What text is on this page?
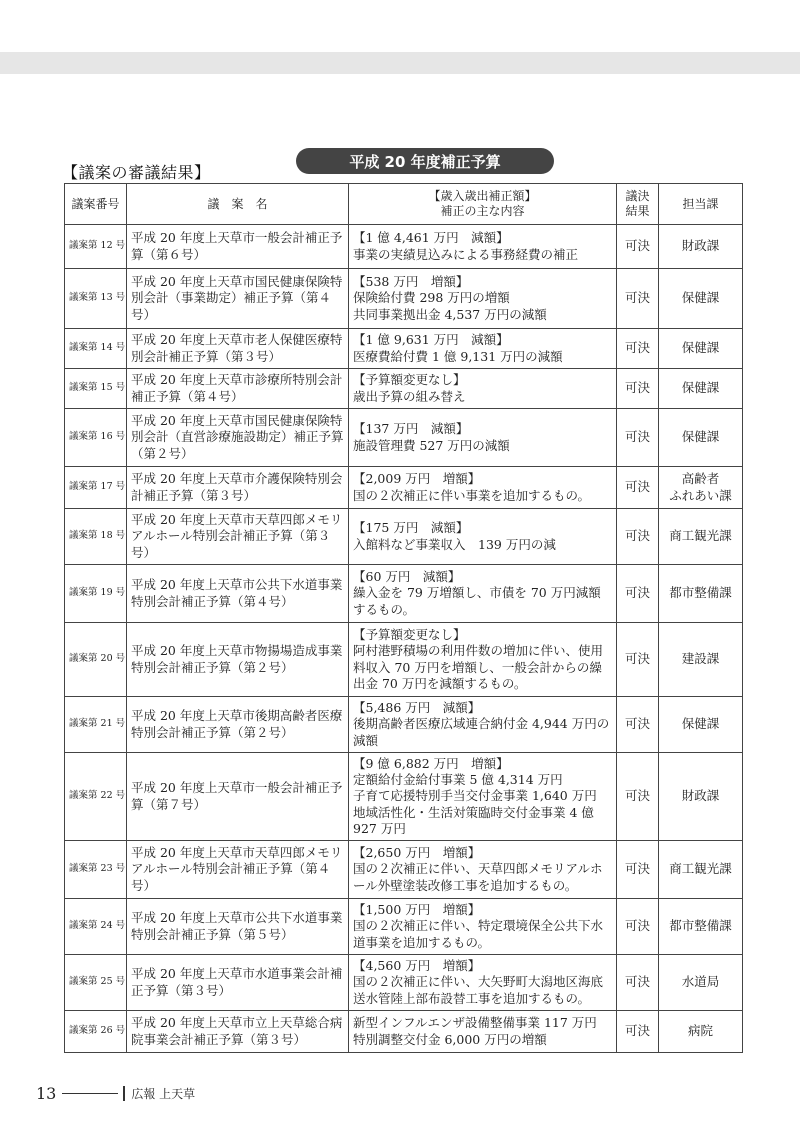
【議案の審議結果】
平成 20 年度補正予算
議案番号	議　案　名	【歳入歳出補正額】
補正の主な内容	議決
結果	担当課
議案第 12 号	平成 20 年度上天草市一般会計補正予算（第６号）	【1 億 4,461 万円　減額】
事業の実績見込みによる事務経費の補正	可決	財政課

議案第 13 号	平成 20 年度上天草市国民健康保険特別会計（事業勘定）補正予算（第４号）	【538 万円　増額】
保険給付費 298 万円の増額
共同事業拠出金 4,537 万円の減額	可決	保健課

議案第 14 号	平成 20 年度上天草市老人保健医療特別会計補正予算（第３号）	【1 億 9,631 万円　減額】
医療費給付費 1 億 9,131 万円の減額	可決	保健課

議案第 15 号	平成 20 年度上天草市診療所特別会計補正予算（第４号）	【予算額変更なし】
歳出予算の組み替え	可決	保健課

議案第 16 号	平成 20 年度上天草市国民健康保険特別会計（直営診療施設勘定）補正予算（第２号）	【137 万円　減額】
施設管理費 527 万円の減額	可決	保健課

議案第 17 号	平成 20 年度上天草市介護保険特別会計補正予算（第３号）	【2,009 万円　増額】
国の２次補正に伴い事業を追加するもの。	可決	高齢者
ふれあい課

議案第 18 号	平成 20 年度上天草市天草四郎メモリアルホール特別会計補正予算（第３号）	【175 万円　減額】
入館料など事業収入　139 万円の減	可決	商工観光課

議案第 19 号	平成 20 年度上天草市公共下水道事業特別会計補正予算（第４号）	【60 万円　減額】
繰入金を 79 万増額し、市債を 70 万円減額するもの。	可決	都市整備課

議案第 20 号	平成 20 年度上天草市物揚場造成事業特別会計補正予算（第２号）	【予算額変更なし】
阿村港野積場の利用件数の増加に伴い、使用料収入 70 万円を増額し、一般会計からの繰出金 70 万円を減額するもの。	可決	建設課

議案第 21 号	平成 20 年度上天草市後期高齢者医療特別会計補正予算（第２号）	【5,486 万円　減額】
後期高齢者医療広域連合納付金 4,944 万円の減額	可決	保健課

議案第 22 号	平成 20 年度上天草市一般会計補正予算（第７号）	【9 億 6,882 万円　増額】
定額給付金給付事業 5 億 4,314 万円
子育て応援特別手当交付金事業 1,640 万円
地域活性化・生活対策臨時交付金事業 4 億 927 万円	可決	財政課

議案第 23 号	平成 20 年度上天草市天草四郎メモリアルホール特別会計補正予算（第４号）	【2,650 万円　増額】
国の２次補正に伴い、天草四郎メモリアルホール外壁塗装改修工事を追加するもの。	可決	商工観光課

議案第 24 号	平成 20 年度上天草市公共下水道事業特別会計補正予算（第５号）	【1,500 万円　増額】
国の２次補正に伴い、特定環境保全公共下水道事業を追加するもの。	可決	都市整備課

議案第 25 号	平成 20 年度上天草市水道事業会計補正予算（第３号）	【4,560 万円　増額】
国の２次補正に伴い、大矢野町大潟地区海底送水管陸上部布設替工事を追加するもの。	可決	水道局

議案第 26 号	平成 20 年度上天草市立上天草総合病院事業会計補正予算（第３号）	新型インフルエンザ設備整備事業 117 万円
特別調整交付金 6,000 万円の増額	可決	病院
13	広報 上天草
